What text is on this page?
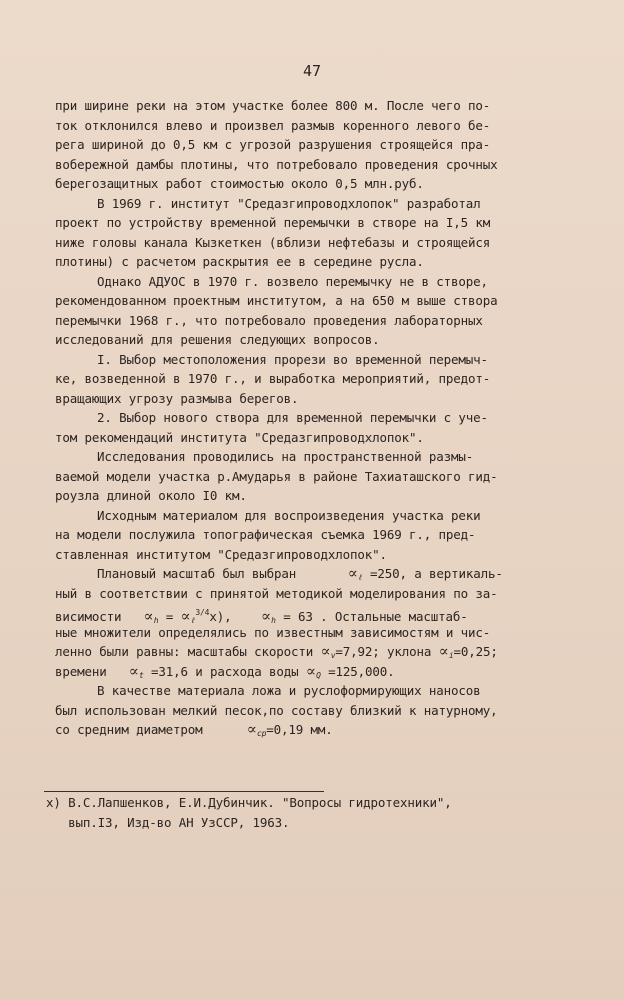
47
при ширине реки на этом участке более 800 м. После чего по-
ток отклонился влево и произвел размыв коренного левого бе-
рега шириной до 0,5 км с угрозой разрушения строящейся пра-
вобережной дамбы плотины, что потребовало проведения срочных
берегозащитных работ стоимостью около 0,5 млн.руб.
В 1969 г. институт "Средазгипроводхлопок" разработал
проект по устройству временной перемычки в створе на I,5 км
ниже головы канала Кызкеткен (вблизи нефтебазы и строящейся
плотины) с расчетом раскрытия ее в середине русла.
Однако АДУОС в 1970 г. возвело перемычку не в створе,
рекомендованном проектным институтом, а на 650 м выше створа
перемычки 1968 г., что потребовало проведения лабораторных
исследований для решения следующих вопросов.
I. Выбор местоположения прорези во временной перемыч-
ке, возведенной в 1970 г., и выработка мероприятий, предот-
вращающих угрозу размыва берегов.
2. Выбор нового створа для временной перемычки с уче-
том рекомендаций института "Средазгипроводхлопок".
Исследования проводились на пространственной размы-
ваемой модели участка р.Амударья в районе Тахиаташского гид-
роузла длиной около I0 км.
Исходным материалом для воспроизведения участка реки
на модели послужила топографическая съемка 1969 г., пред-
ставленная институтом "Средазгипроводхлопок".
Плановый масштаб был выбран	$\propto_\ell =250$, а вертикаль-
ный в соответствии с принятой методикой моделирования по за-
висимости $\propto_h = \propto_\ell^{3/4}x$), $\propto_h = 63$ . Остальные масштаб-
ные множители определялись по известным зависимостям и чис-
ленно были равны: масштабы скорости $\propto_v=7,92$; уклона $\propto_i=0,25$;
времени $\propto_t =31,6$ и расхода воды $\propto_Q =125,000$.
В качестве материала ложа и руслоформирующих наносов
был использован мелкий песок,по составу близкий к натурному,
со средним диаметром	$\propto_{cp}=0,19$ мм.
x) В.С.Лапшенков, Е.И.Дубинчик. "Вопросы гидротехники",
вып.I3, Изд-во АН УзССР, 1963.
